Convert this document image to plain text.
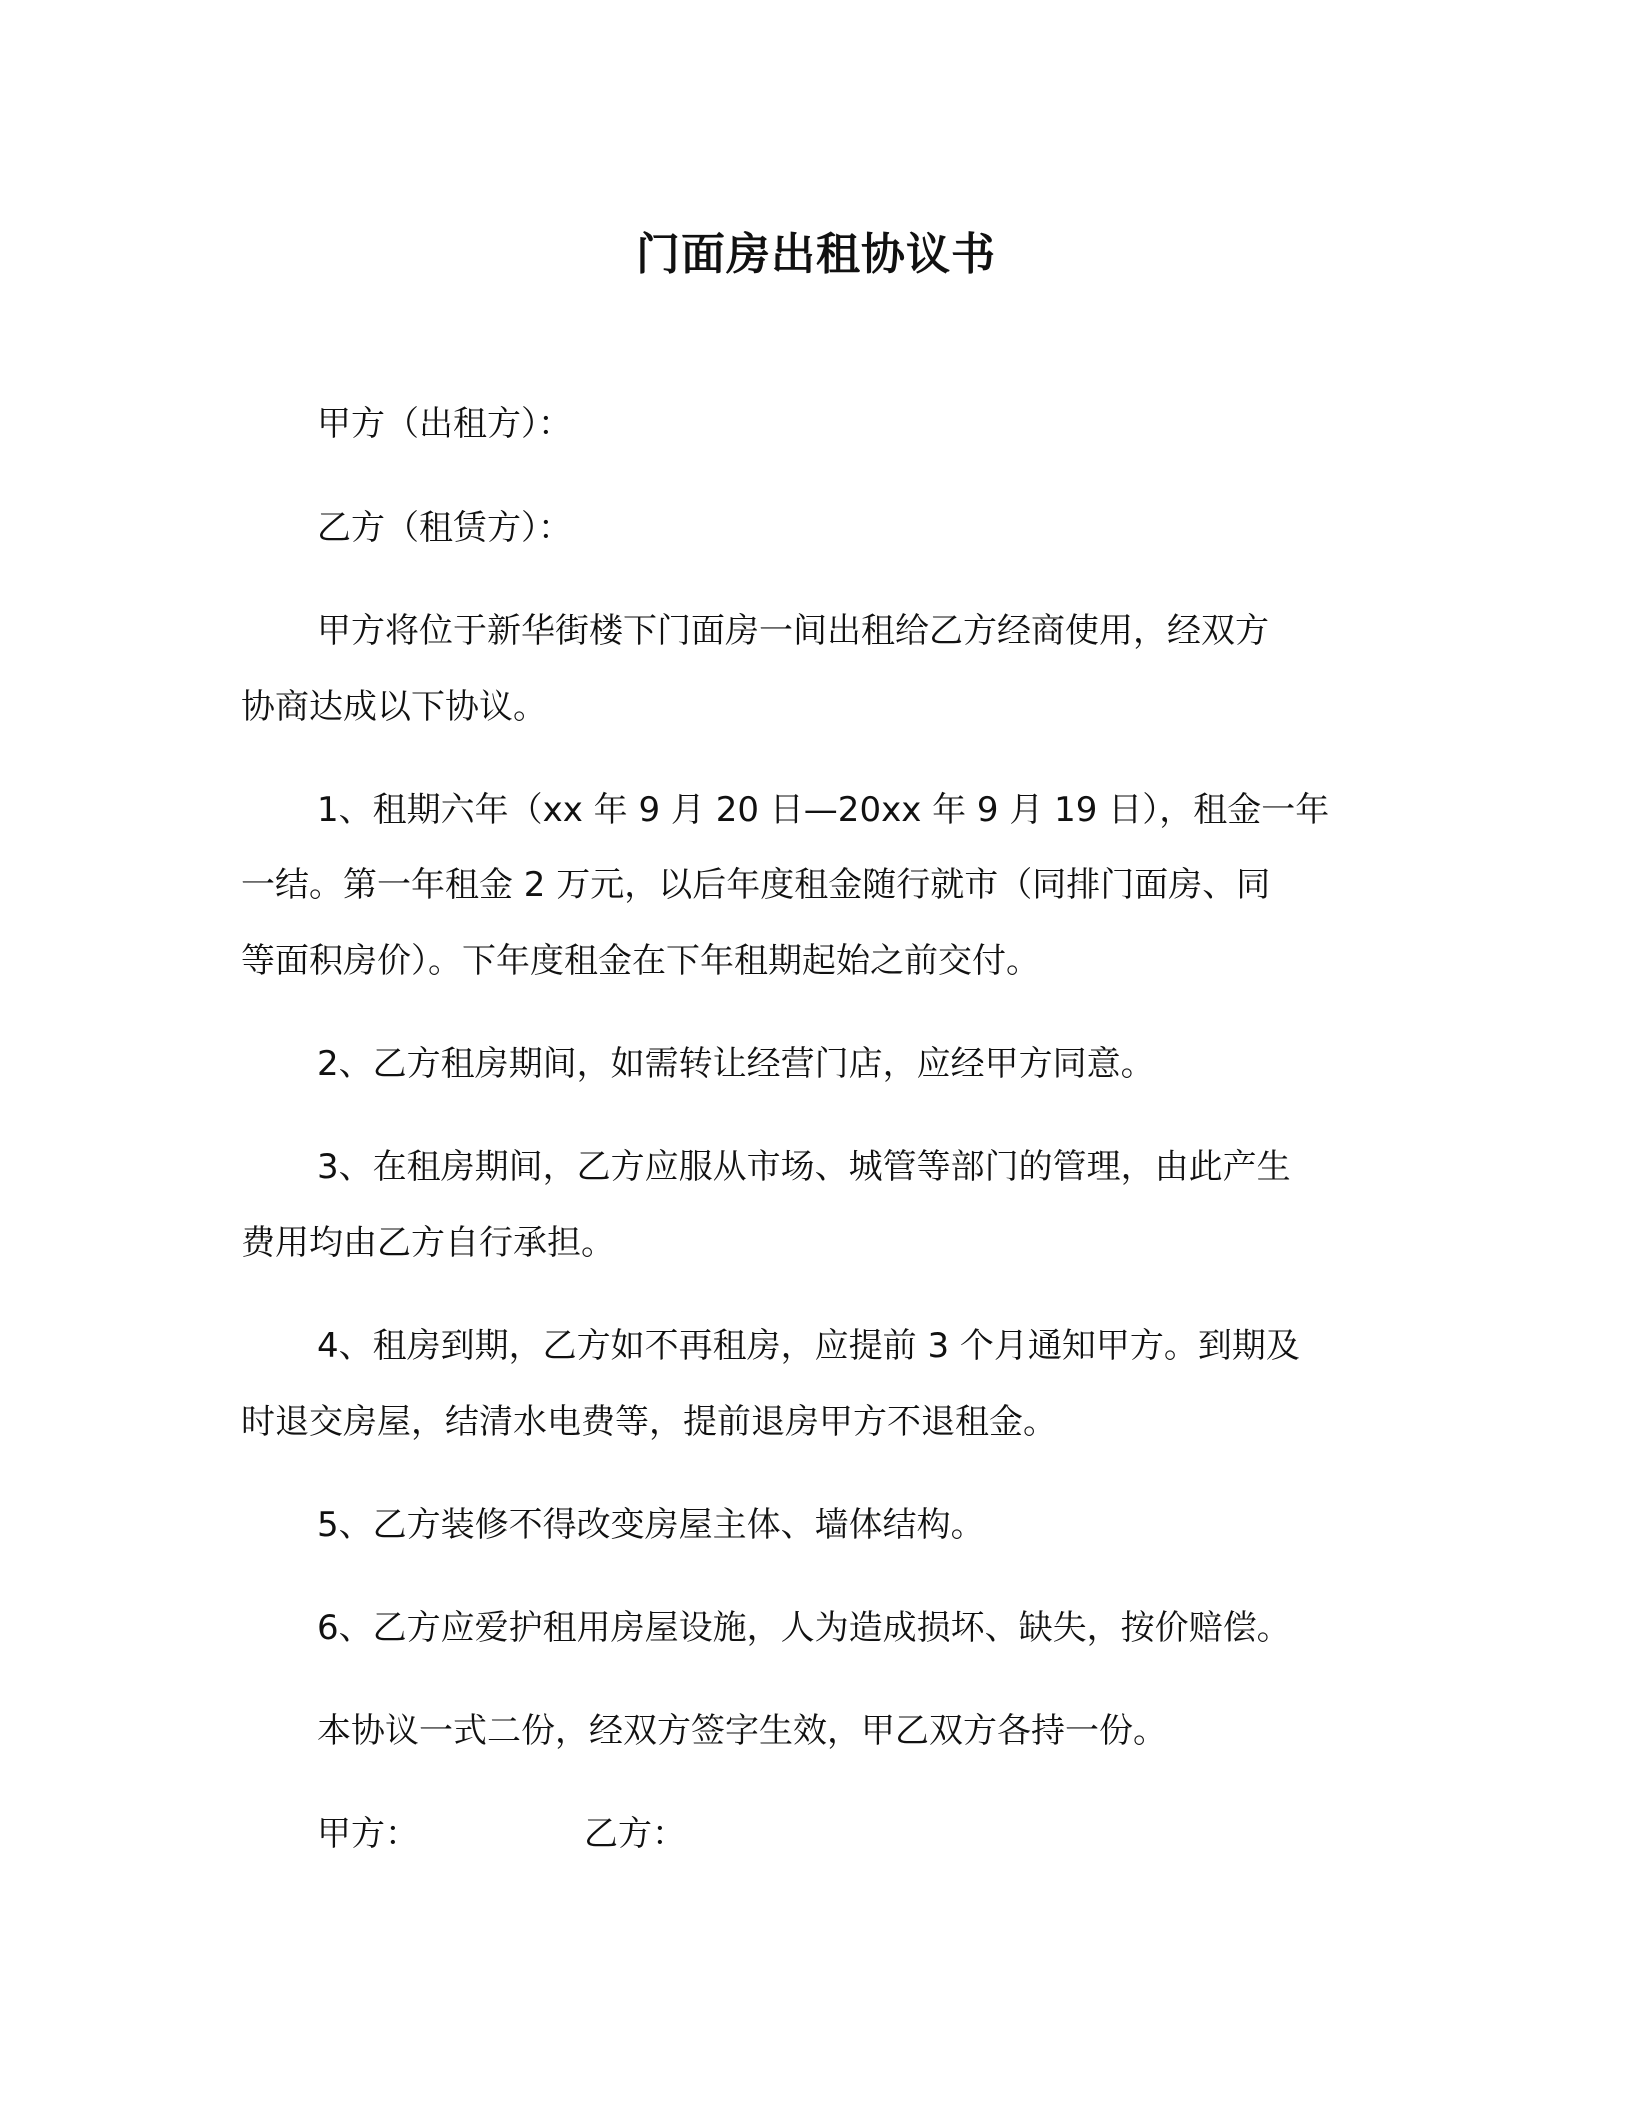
门面房出租协议书
甲方（出租方）：
乙方（租赁方）：
甲方将位于新华街楼下门面房一间出租给乙方经商使用，经双方
协商达成以下协议。
1、租期六年（xx 年 9 月 20 日—20xx 年 9 月 19 日），租金一年
一结。第一年租金 2 万元，以后年度租金随行就市（同排门面房、同
等面积房价）。下年度租金在下年租期起始之前交付。
2、乙方租房期间，如需转让经营门店，应经甲方同意。
3、在租房期间，乙方应服从市场、城管等部门的管理，由此产生
费用均由乙方自行承担。
4、租房到期，乙方如不再租房，应提前 3 个月通知甲方。到期及
时退交房屋，结清水电费等，提前退房甲方不退租金。
5、乙方装修不得改变房屋主体、墙体结构。
6、乙方应爱护租用房屋设施，人为造成损坏、缺失，按价赔偿。
本协议一式二份，经双方签字生效，甲乙双方各持一份。
甲方：	乙方：
